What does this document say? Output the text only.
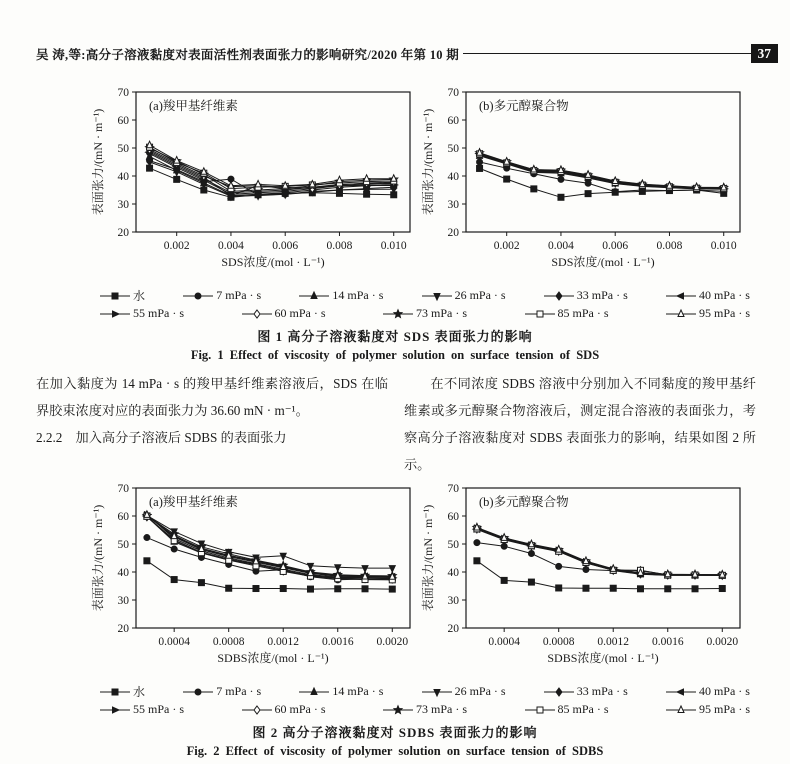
吴 涛,等:高分子溶液黏度对表面活性剂表面张力的影响研究/2020 年第 10 期	37
20
30
40
50
60
70
0.002 0.004 0.006 0.008 0.010
SDS浓度/(mol · L⁻¹)
表面张力/(mN · m⁻¹)
(a)羧甲基纤维素
20
30
40
50
60
70
0.002 0.004 0.006 0.008 0.010
SDS浓度/(mol · L⁻¹)
表面张力/(mN · m⁻¹)
(b)多元醇聚合物
水	7 mPa · s	14 mPa · s	26 mPa · s	33 mPa · s	40 mPa · s
55 mPa · s	60 mPa · s	73 mPa · s	85 mPa · s	95 mPa · s
图 1 高分子溶液黏度对 SDS 表面张力的影响
Fig. 1 Effect of viscosity of polymer solution on surface tension of SDS

在加入黏度为 14 mPa · s 的羧甲基纤维素溶液后，SDS 在临界胶束浓度对应的表面张力为 36.60 mN · m⁻¹。

2.2.2　加入高分子溶液后 SDBS 的表面张力

在不同浓度 SDBS 溶液中分别加入不同黏度的羧甲基纤维素或多元醇聚合物溶液后，测定混合溶液的表面张力，考察高分子溶液黏度对 SDBS 表面张力的影响，结果如图 2 所示。

20
30
40
50
60
70
0.0004 0.0008 0.0012 0.0016 0.0020
SDBS浓度/(mol · L⁻¹)
表面张力/(mN · m⁻¹)
(a)羧甲基纤维素
20
30
40
50
60
70
0.0004 0.0008 0.0012 0.0016 0.0020
SDBS浓度/(mol · L⁻¹)
表面张力/(mN · m⁻¹)
(b)多元醇聚合物
水	7 mPa · s	14 mPa · s	26 mPa · s	33 mPa · s	40 mPa · s
55 mPa · s	60 mPa · s	73 mPa · s	85 mPa · s	95 mPa · s
图 2 高分子溶液黏度对 SDBS 表面张力的影响
Fig. 2 Effect of viscosity of polymer solution on surface tension of SDBS
